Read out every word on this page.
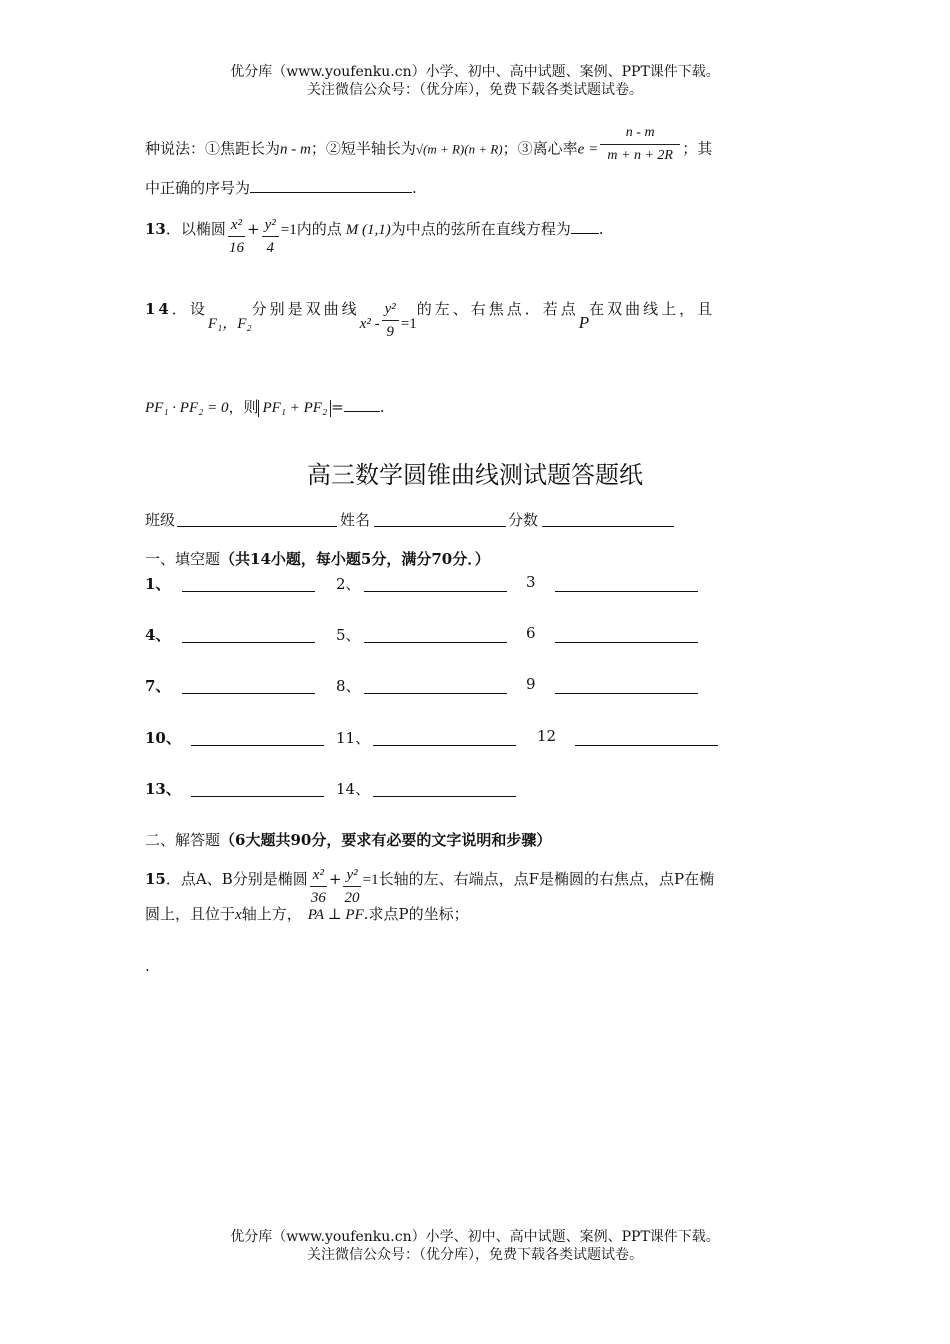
优分库（www.youfenku.cn）小学、初中、高中试题、案例、PPT课件下载。
关注微信公众号：（优分库），免费下载各类试题试卷。
种说法：①焦距长为n - m；②短半轴长为√(m + R)(n + R)；③离心率$e = \frac{n - m}{m + n + 2R}$ ；其
中正确的序号为	.
13．以椭圆 $\frac{\text{x²}}{16} + \frac{\text{y²}}{4} =1$内的点 M (1,1)为中点的弦所在直线方程为 .
14．设F₁，F₂分别是双曲线$x^2 - \frac{\text{y²}}{9} =1$的左、右焦点．若点P在双曲线上，且
PF₁ · PF₂ = 0，则 PF₁ + PF₂ = .
高三数学圆锥曲线测试题答题纸
班级	姓名	分数
一、填空题（共14小题，每小题5分，满分70分．）
1、	2、	3
4、	5、	6
7、	8、	9
10、	11、	12
13、	14、
二、解答题（6大题共90分，要求有必要的文字说明和步骤）
15．点A、B分别是椭圆 $\frac{\text{x²}}{36} + \frac{\text{y²}}{20} =1$长轴的左、右端点，点F是椭圆的右焦点，点P在椭
圆上，且位于x轴上方， PA ⊥ PF.求点P的坐标；
.
优分库（www.youfenku.cn）小学、初中、高中试题、案例、PPT课件下载。
关注微信公众号：（优分库），免费下载各类试题试卷。
